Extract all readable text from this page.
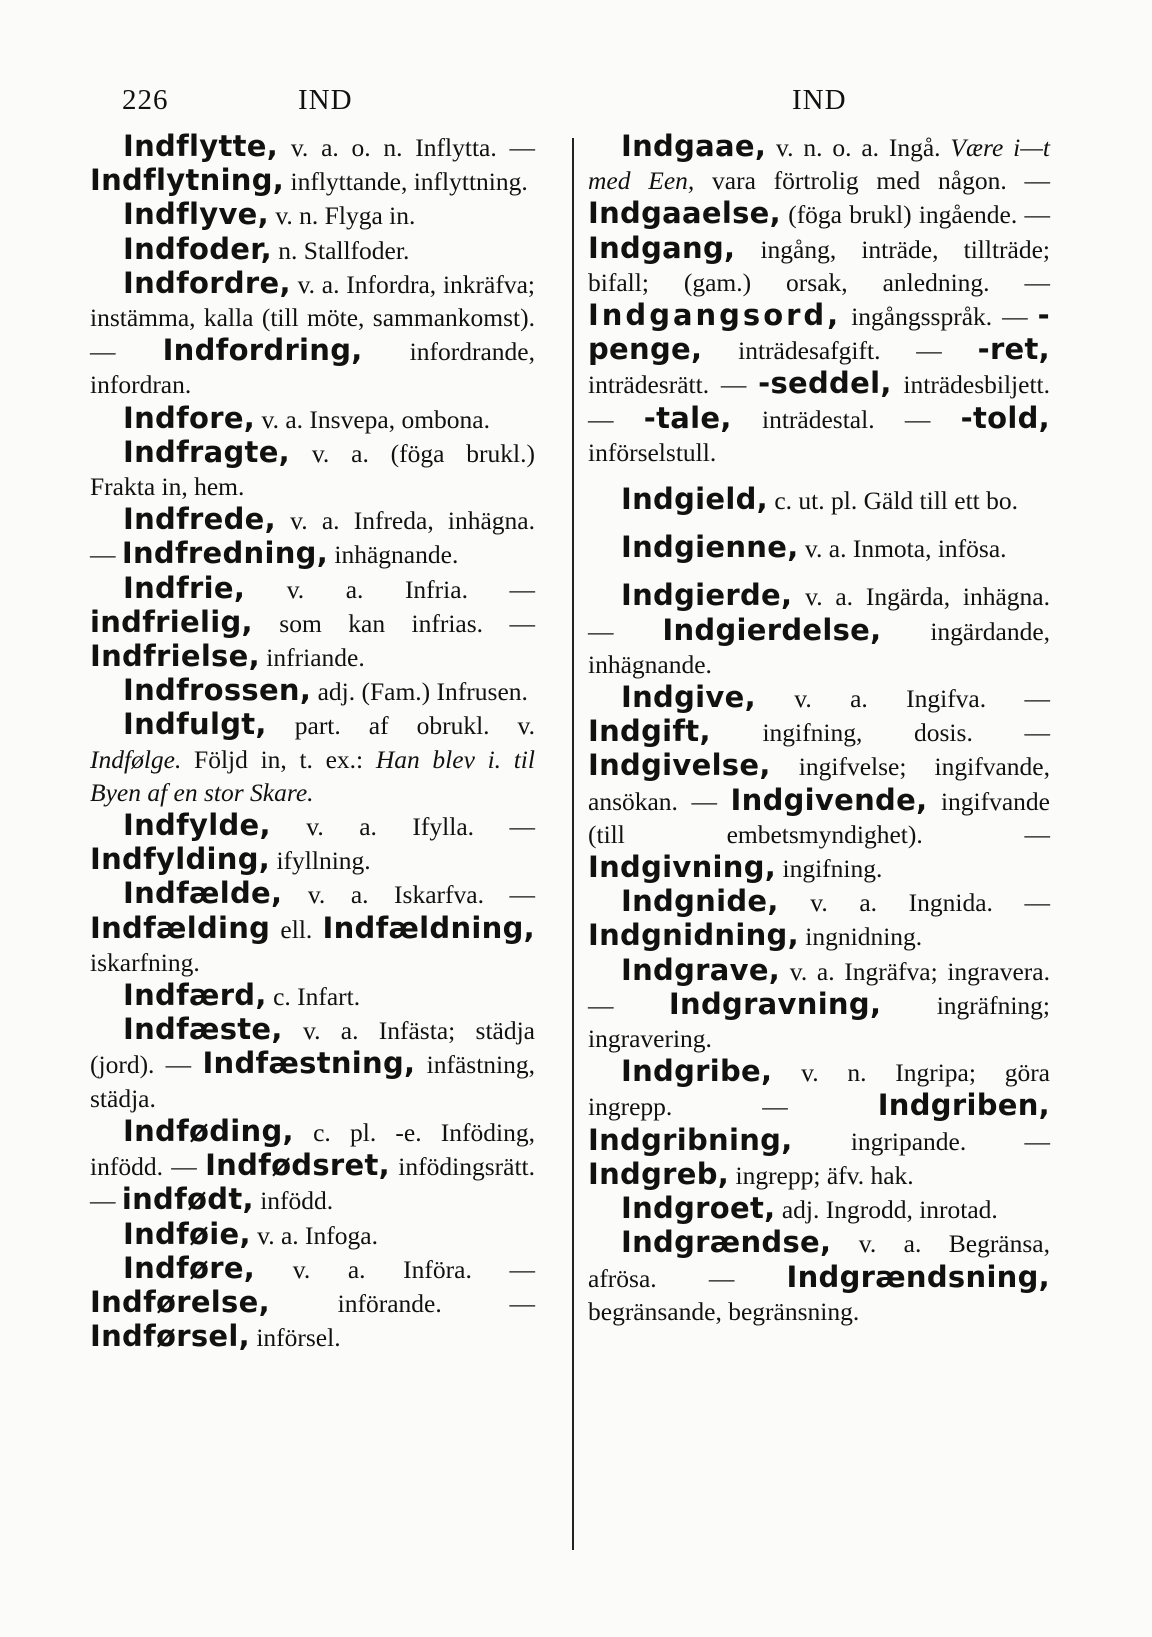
226	IND	IND

Indflytte, v. a. o. n. Inflytta. — Indflytning, inflyttande, inflyttning.

Indflyve, v. n. Flyga in.

Indfoder, n. Stallfoder.

Indfordre, v. a. Infordra, inkräfva; instämma, kalla (till möte, sammankomst). — Indfordring, infordrande, infordran.

Indfore, v. a. Insvepa, ombona.

Indfragte, v. a. (föga brukl.) Frakta in, hem.

Indfrede, v. a. Infreda, inhägna. — Indfredning, inhägnande.

Indfrie, v. a. Infria. — indfrielig, som kan infrias. — Indfrielse, infriande.

Indfrossen, adj. (Fam.) Infrusen.

Indfulgt, part. af obrukl. v. Indfølge. Följd in, t. ex.: Han blev i. til Byen af en stor Skare.

Indfylde, v. a. Ifylla. — Indfylding, ifyllning.

Indfælde, v. a. Iskarfva. — Indfælding ell. Indfældning, iskarfning.

Indfærd, c. Infart.

Indfæste, v. a. Infästa; städja (jord). — Indfæstning, infästning, städja.

Indføding, c. pl. -e. Inföding, infödd. — Indfødsret, infödingsrätt. — indfødt, infödd.

Indføie, v. a. Infoga.

Indføre, v. a. Införa. — Indførelse, införande. — Indførsel, införsel.

Indgaae, v. n. o. a. Ingå. Være i—t med Een, vara förtrolig med någon. — Indgaaelse, (föga brukl) ingående. — Indgang, ingång, inträde, tillträde; bifall; (gam.) orsak, anledning. — Indgangsord, ingångsspråk. — -penge, inträdesafgift. — -ret, inträdesrätt. — -seddel, inträdesbiljett. — -tale, inträdestal. — -told, införselstull.

Indgield, c. ut. pl. Gäld till ett bo.

Indgienne, v. a. Inmota, infösa.

Indgierde, v. a. Ingärda, inhägna. — Indgierdelse, ingärdande, inhägnande.

Indgive, v. a. Ingifva. — Indgift, ingifning, dosis. — Indgivelse, ingifvelse; ingifvande, ansökan. — Indgivende, ingifvande (till embetsmyndighet). — Indgivning, ingifning.

Indgnide, v. a. Ingnida. — Indgnidning, ingnidning.

Indgrave, v. a. Ingräfva; ingravera. — Indgravning, ingräfning; ingravering.

Indgribe, v. n. Ingripa; göra ingrepp. — Indgriben, Indgribning, ingripande. — Indgreb, ingrepp; äfv. hak.

Indgroet, adj. Ingrodd, inrotad.

Indgrændse, v. a. Begränsa, afrösa. — Indgrændsning, begränsande, begränsning.
